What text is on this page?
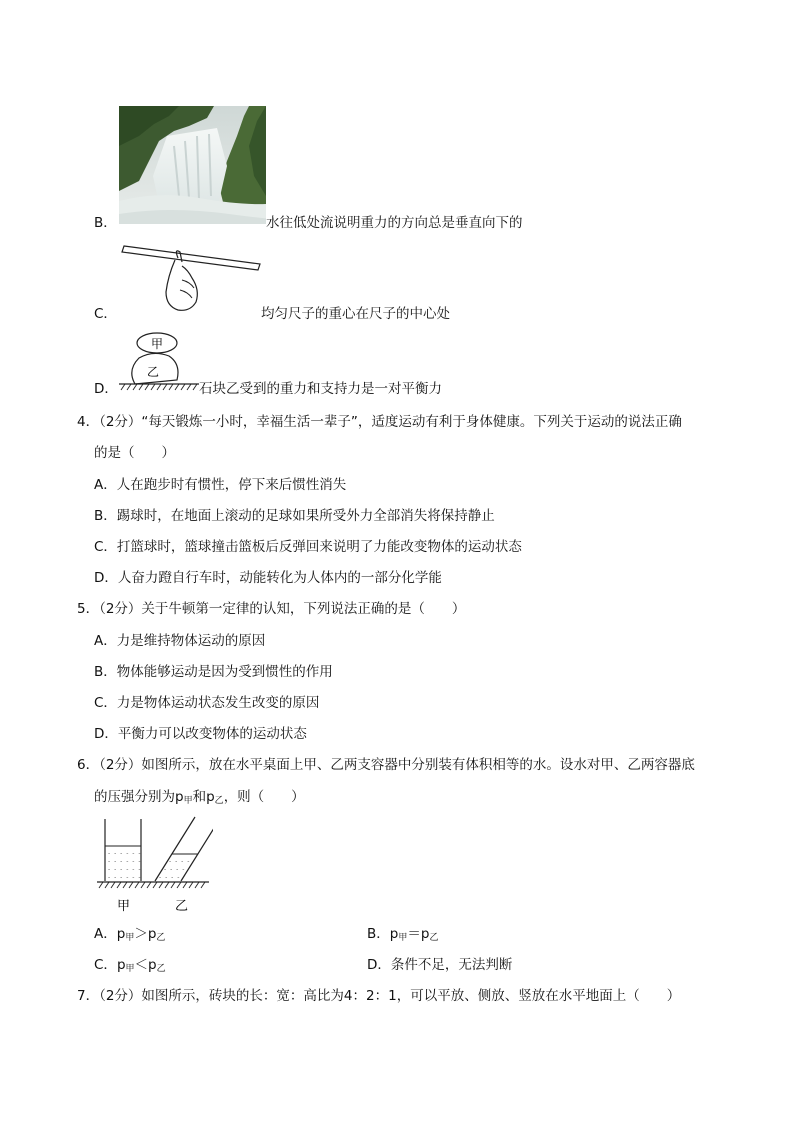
B．	水往低处流说明重力的方向总是垂直向下的
C．	均匀尺子的重心在尺子的中心处
甲
乙
D．	石块乙受到的重力和支持力是一对平衡力
4．（2分）“每天锻炼一小时，幸福生活一辈子”，适度运动有利于身体健康。下列关于运动的说法正确
的是（　　）
A．人在跑步时有惯性，停下来后惯性消失
B．踢球时，在地面上滚动的足球如果所受外力全部消失将保持静止
C．打篮球时，篮球撞击篮板后反弹回来说明了力能改变物体的运动状态
D．人奋力蹬自行车时，动能转化为人体内的一部分化学能
5．（2分）关于牛顿第一定律的认知，下列说法正确的是（　　）
A．力是维持物体运动的原因
B．物体能够运动是因为受到惯性的作用
C．力是物体运动状态发生改变的原因
D．平衡力可以改变物体的运动状态
6．（2分）如图所示，放在水平桌面上甲、乙两支容器中分别装有体积相等的水。设水对甲、乙两容器底
的压强分别为$p_甲$和$p_乙$，则（　　）
- - - - - -
- - - - - -
- - - - - -
- - - - - -
- - - -
- - - -
- - - -
甲	乙
A．$p_甲>p_乙$	B．$p_甲=p_乙$
C．$p_甲<p_乙$	D．条件不足，无法判断
7．（2分）如图所示，砖块的长：宽：高比为4：2：1，可以平放、侧放、竖放在水平地面上（　　）
